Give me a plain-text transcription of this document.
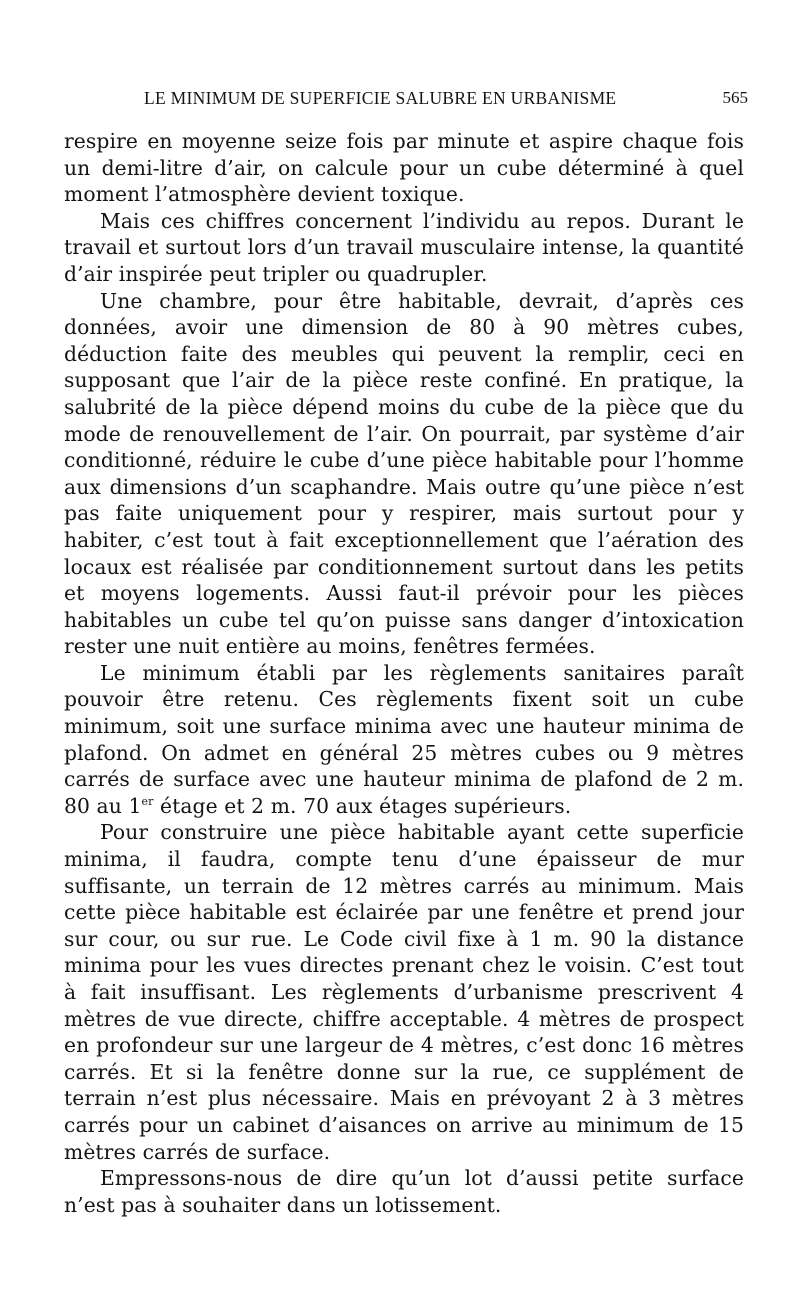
LE MINIMUM DE SUPERFICIE SALUBRE EN URBANISME	565

respire en moyenne seize fois par minute et aspire chaque fois un demi-litre d’air, on calcule pour un cube déterminé à quel moment l’atmosphère devient toxique.

Mais ces chiffres concernent l’individu au repos. Durant le travail et surtout lors d’un travail musculaire intense, la quantité d’air inspirée peut tripler ou quadrupler.

Une chambre, pour être habitable, devrait, d’après ces données, avoir une dimension de 80 à 90 mètres cubes, déduction faite des meubles qui peuvent la remplir, ceci en supposant que l’air de la pièce reste confiné. En pratique, la salubrité de la pièce dépend moins du cube de la pièce que du mode de renouvellement de l’air. On pourrait, par système d’air conditionné, réduire le cube d’une pièce habitable pour l’homme aux dimensions d’un scaphandre. Mais outre qu’une pièce n’est pas faite uniquement pour y respirer, mais surtout pour y habiter, c’est tout à fait exceptionnellement que l’aération des locaux est réalisée par conditionnement surtout dans les petits et moyens logements. Aussi faut-il prévoir pour les pièces habitables un cube tel qu’on puisse sans danger d’intoxication rester une nuit entière au moins, fenêtres fermées.

Le minimum établi par les règlements sanitaires paraît pouvoir être retenu. Ces règlements fixent soit un cube minimum, soit une surface minima avec une hauteur minima de plafond. On admet en général 25 mètres cubes ou 9 mètres carrés de surface avec une hauteur minima de plafond de 2 m. 80 au 1er étage et 2 m. 70 aux étages supérieurs.

Pour construire une pièce habitable ayant cette superficie minima, il faudra, compte tenu d’une épaisseur de mur suffisante, un terrain de 12 mètres carrés au minimum. Mais cette pièce habitable est éclairée par une fenêtre et prend jour sur cour, ou sur rue. Le Code civil fixe à 1 m. 90 la distance minima pour les vues directes prenant chez le voisin. C’est tout à fait insuffisant. Les règlements d’urbanisme prescrivent 4 mètres de vue directe, chiffre acceptable. 4 mètres de prospect en profondeur sur une largeur de 4 mètres, c’est donc 16 mètres carrés. Et si la fenêtre donne sur la rue, ce supplément de terrain n’est plus nécessaire. Mais en prévoyant 2 à 3 mètres carrés pour un cabinet d’aisances on arrive au minimum de 15 mètres carrés de surface.

Empressons-nous de dire qu’un lot d’aussi petite surface n’est pas à souhaiter dans un lotissement.
